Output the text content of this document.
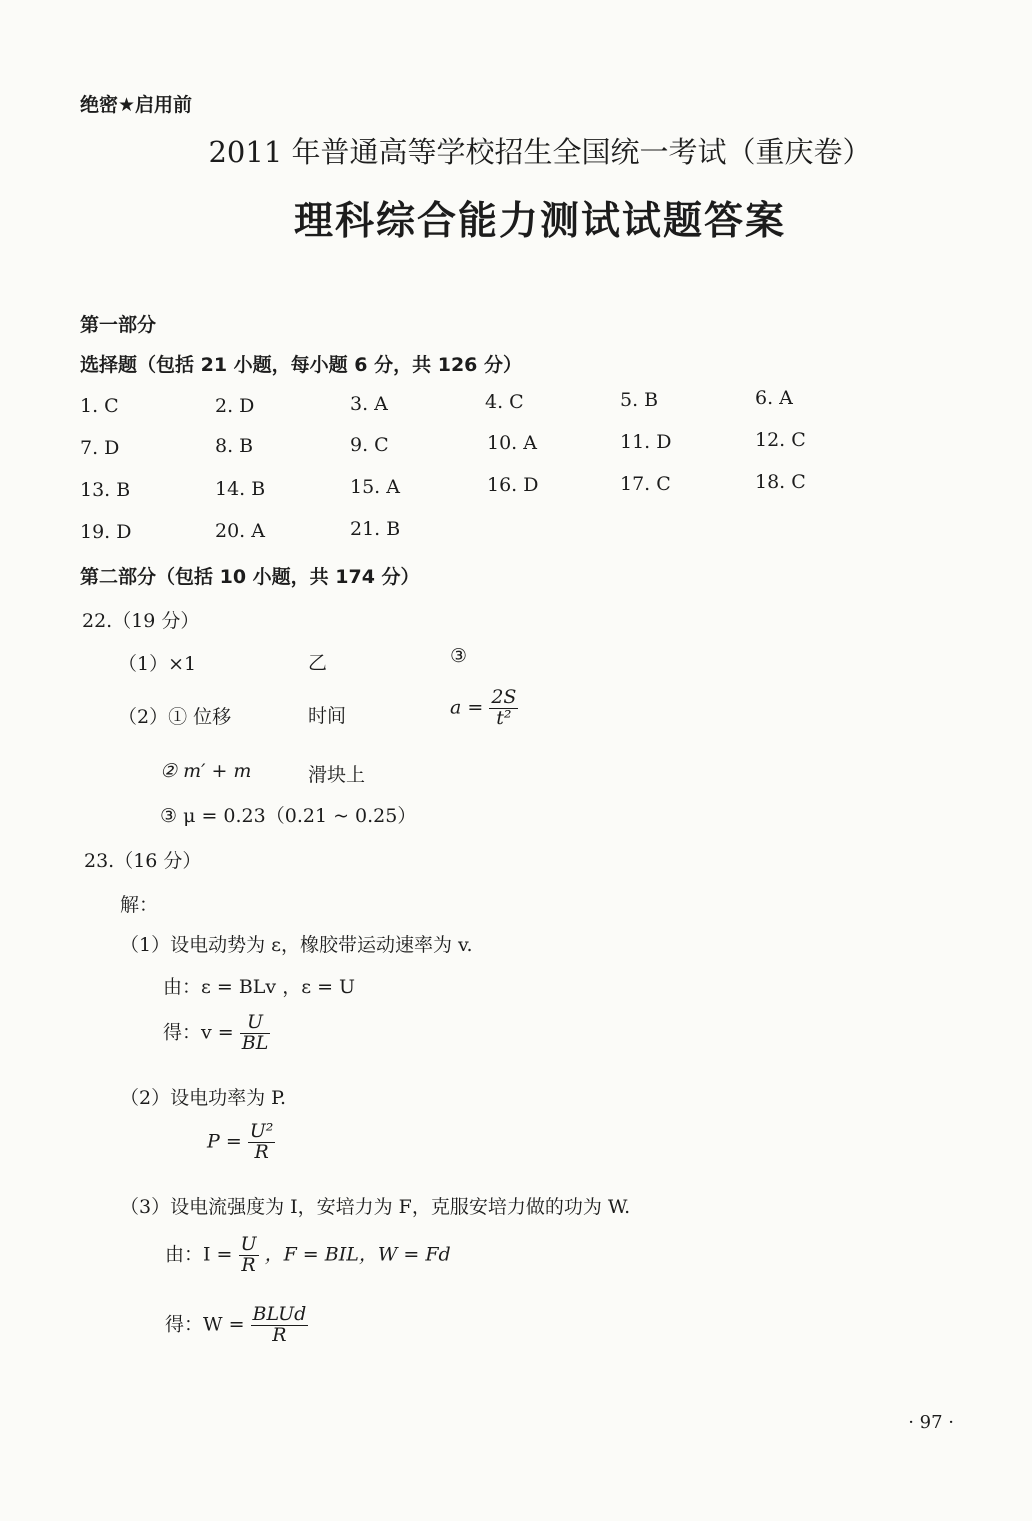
绝密★启用前
2011 年普通高等学校招生全国统一考试（重庆卷）
理科综合能力测试试题答案
第一部分
选择题（包括 21 小题，每小题 6 分，共 126 分）
1. C	2. D	3. A	4. C	5. B	6. A
7. D	8. B	9. C	10. A	11. D	12. C
13. B	14. B	15. A	16. D	17. C	18. C
19. D	20. A	21. B
第二部分（包括 10 小题，共 174 分）
22.（19 分）
（1）×1	乙	③
（2）① 位移	时间	$a = \frac{2S}{\text{t²}}$
② m′ + m	滑块上
③ μ = 0.23（0.21 ~ 0.25）
23.（16 分）
解：
（1）设电动势为 ε，橡胶带运动速率为 v.
由：ε = BLv ，ε = U
得：$v = \frac{U}{BL}$
（2）设电功率为 P.
$P = \frac{\text{U²}}{R}$
（3）设电流强度为 I，安培力为 F，克服安培力做的功为 W.
由：$I = \frac{U}{R}$ ，F = BIL，W = Fd
得：$W = \frac{\text{BLUd}}{R}$
· 97 ·
